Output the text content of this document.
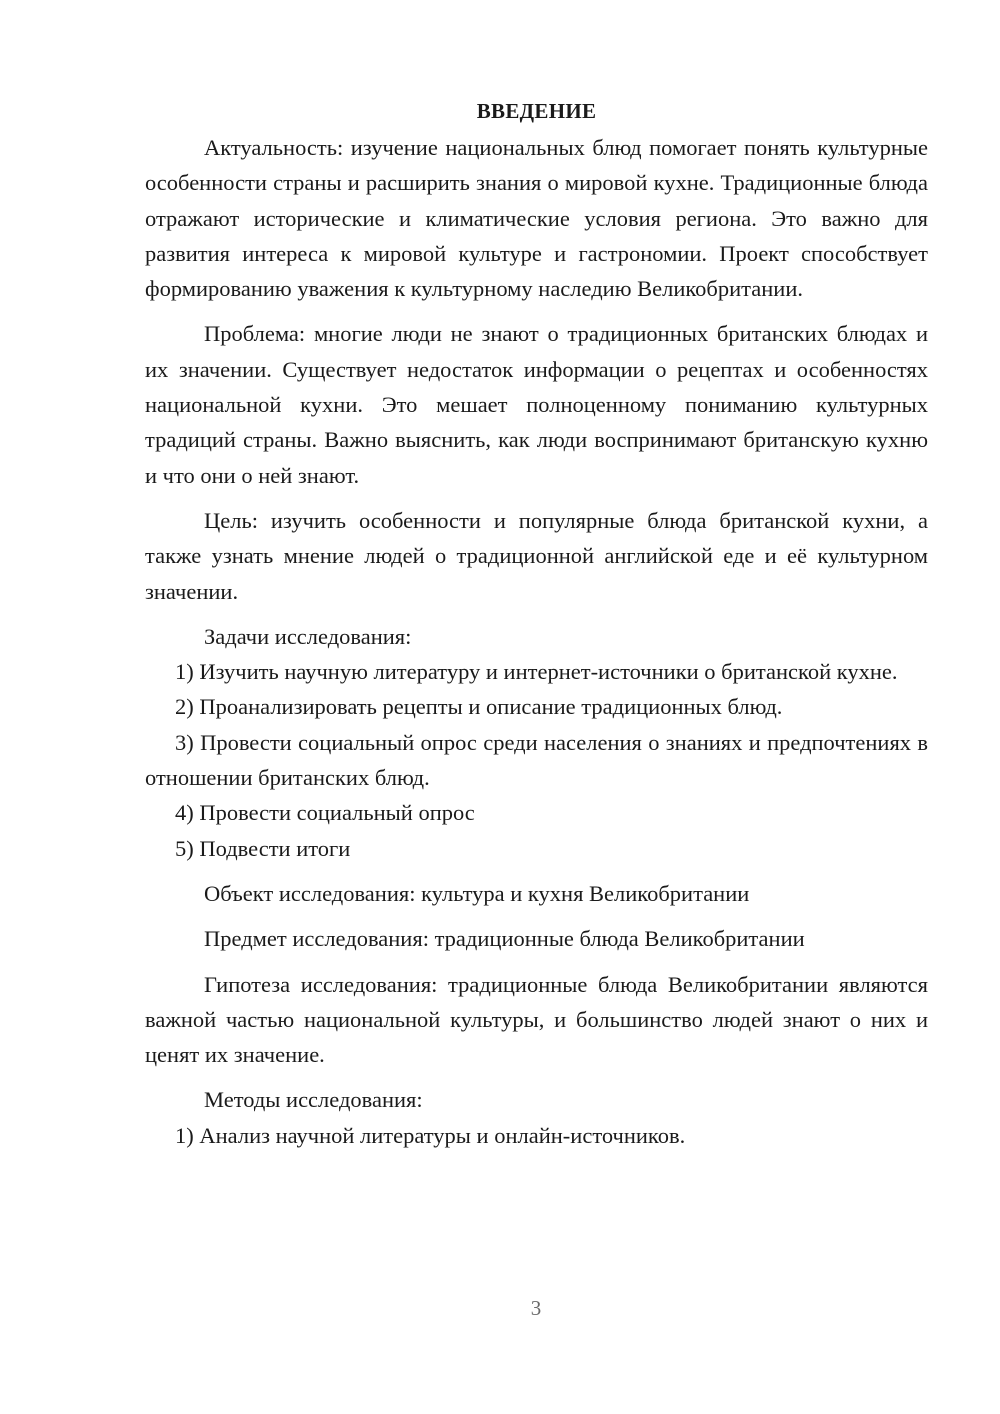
ВВЕДЕНИЕ

Актуальность: изучение национальных блюд помогает понять культурные особенности страны и расширить знания о мировой кухне. Традиционные блюда отражают исторические и климатические условия региона. Это важно для развития интереса к мировой культуре и гастрономии. Проект способствует формированию уважения к культурному наследию Великобритании.

Проблема: многие люди не знают о традиционных британских блюдах и их значении. Существует недостаток информации о рецептах и особенностях национальной кухни. Это мешает полноценному пониманию культурных традиций страны. Важно выяснить, как люди воспринимают британскую кухню и что они о ней знают.

Цель: изучить особенности и популярные блюда британской кухни, а также узнать мнение людей о традиционной английской еде и её культурном значении.

Задачи исследования:

1) Изучить научную литературу и интернет-источники о британской кухне.

2) Проанализировать рецепты и описание традиционных блюд.

3) Провести социальный опрос среди населения о знаниях и предпочтениях в отношении британских блюд.

4) Провести социальный опрос

5) Подвести итоги

Объект исследования: культура и кухня Великобритании

Предмет исследования: традиционные блюда Великобритании

Гипотеза исследования: традиционные блюда Великобритании являются важной частью национальной культуры, и большинство людей знают о них и ценят их значение.

Методы исследования:

1) Анализ научной литературы и онлайн-источников.

3
